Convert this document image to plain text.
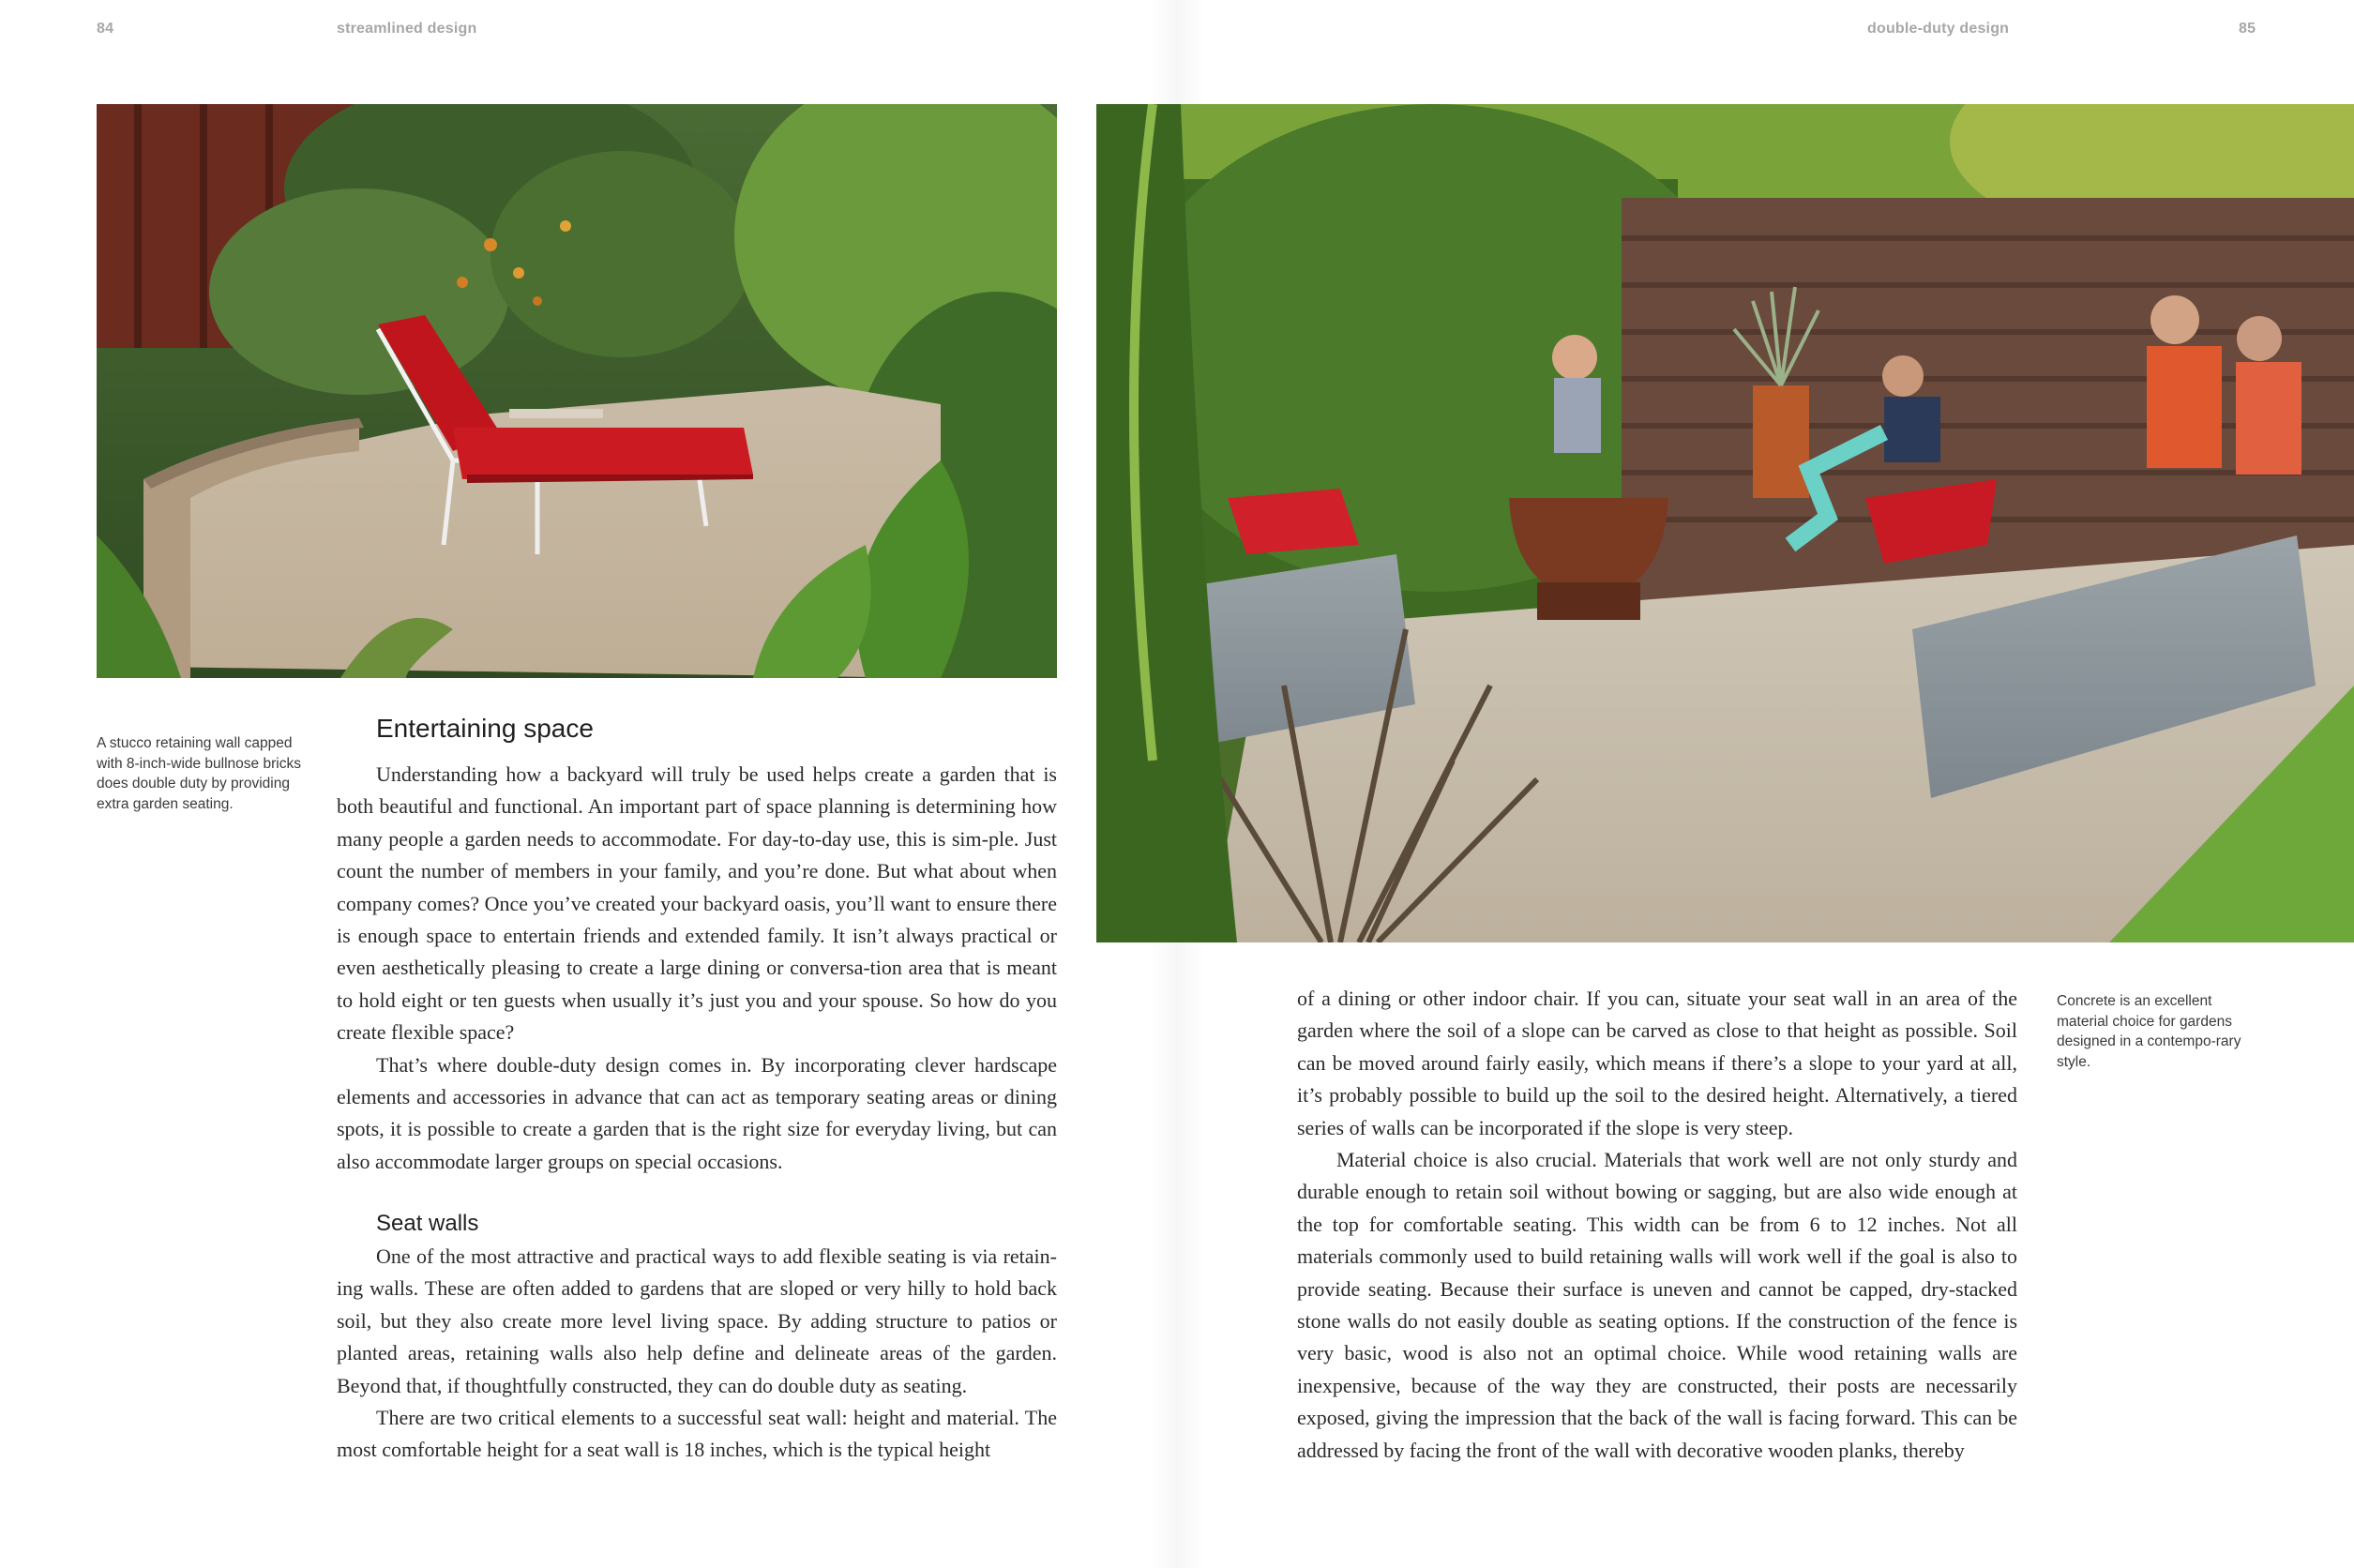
84	streamlined design	double-duty design	85
A stucco retaining wall capped with 8-inch-wide bullnose bricks does double duty by providing extra garden seating.
Concrete is an excellent material choice for gardens designed in a contempo-rary style.
Entertaining space
Seat walls

Understanding how a backyard will truly be used helps create a garden that is both beautiful and functional. An important part of space planning is determining how many people a garden needs to accommodate. For day-to-day use, this is sim-ple. Just count the number of members in your family, and you’re done. But what about when company comes? Once you’ve created your backyard oasis, you’ll want to ensure there is enough space to entertain friends and extended family. It isn’t always practical or even aesthetically pleasing to create a large dining or conversa-tion area that is meant to hold eight or ten guests when usually it’s just you and your spouse. So how do you create flexible space?

That’s where double-duty design comes in. By incorporating clever hardscape elements and accessories in advance that can act as temporary seating areas or dining spots, it is possible to create a garden that is the right size for everyday living, but can also accommodate larger groups on special occasions.

One of the most attractive and practical ways to add flexible seating is via retain-ing walls. These are often added to gardens that are sloped or very hilly to hold back soil, but they also create more level living space. By adding structure to patios or planted areas, retaining walls also help define and delineate areas of the garden. Beyond that, if thoughtfully constructed, they can do double duty as seating.

There are two critical elements to a successful seat wall: height and material. The most comfortable height for a seat wall is 18 inches, which is the typical height

of a dining or other indoor chair. If you can, situate your seat wall in an area of the garden where the soil of a slope can be carved as close to that height as possible. Soil can be moved around fairly easily, which means if there’s a slope to your yard at all, it’s probably possible to build up the soil to the desired height. Alternatively, a tiered series of walls can be incorporated if the slope is very steep.

Material choice is also crucial. Materials that work well are not only sturdy and durable enough to retain soil without bowing or sagging, but are also wide enough at the top for comfortable seating. This width can be from 6 to 12 inches. Not all materials commonly used to build retaining walls will work well if the goal is also to provide seating. Because their surface is uneven and cannot be capped, dry-stacked stone walls do not easily double as seating options. If the construction of the fence is very basic, wood is also not an optimal choice. While wood retaining walls are inexpensive, because of the way they are constructed, their posts are necessarily exposed, giving the impression that the back of the wall is facing forward. This can be addressed by facing the front of the wall with decorative wooden planks, thereby
